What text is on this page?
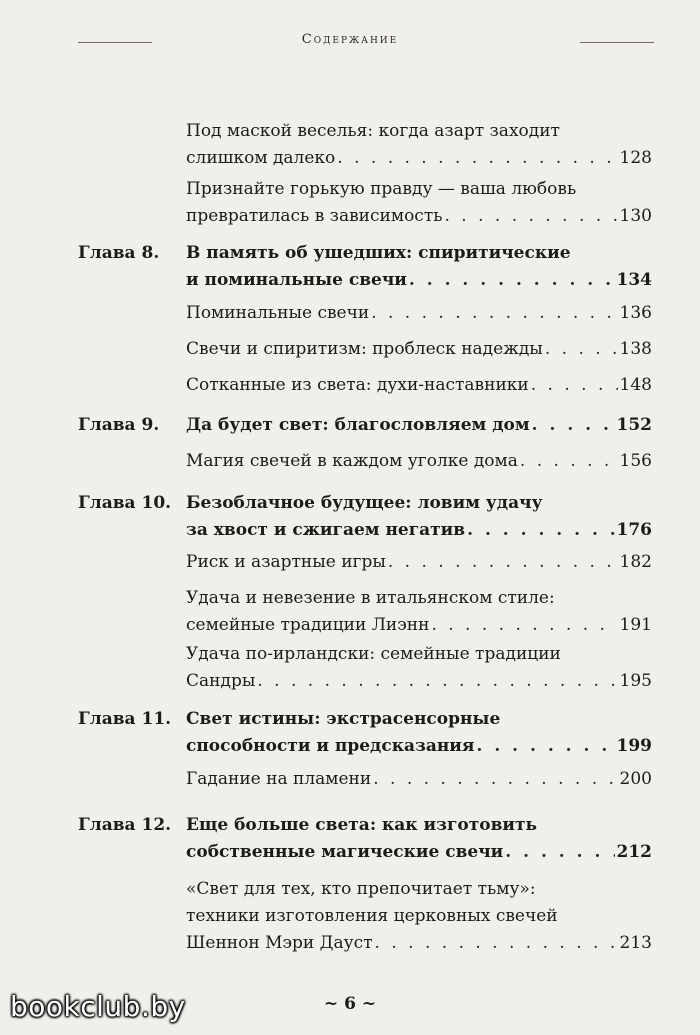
Содержание
Под маской веселья: когда азарт заходит
слишком далеко . . .	128
Признайте горькую правду — ваша любовь
превратилась в зависимость . . .	130
Глава 8. В память об ушедших: спиритические
и поминальные свечи . . .	134
Поминальные свечи . . .	136
Свечи и спиритизм: проблеск надежды . . .	138
Сотканные из света: духи-наставники . . .	148
Глава 9. Да будет свет: благословляем дом . . .	152
Магия свечей в каждом уголке дома . . .	156
Глава 10. Безоблачное будущее: ловим удачу
за хвост и сжигаем негатив . . .	176
Риск и азартные игры . . .	182
Удача и невезение в итальянском стиле:
семейные традиции Лиэнн . . .	191
Удача по-ирландски: семейные традиции
Сандры . . .	195
Глава 11. Свет истины: экстрасенсорные
способности и предсказания . . .	199
Гадание на пламени . . .	200
Глава 12. Еще больше света: как изготовить
собственные магические свечи . . .	212
«Свет для тех, кто препочитает тьму»:
техники изготовления церковных свечей
Шеннон Мэри Дауст . . .	213
~ 6 ~
bookclub.by
